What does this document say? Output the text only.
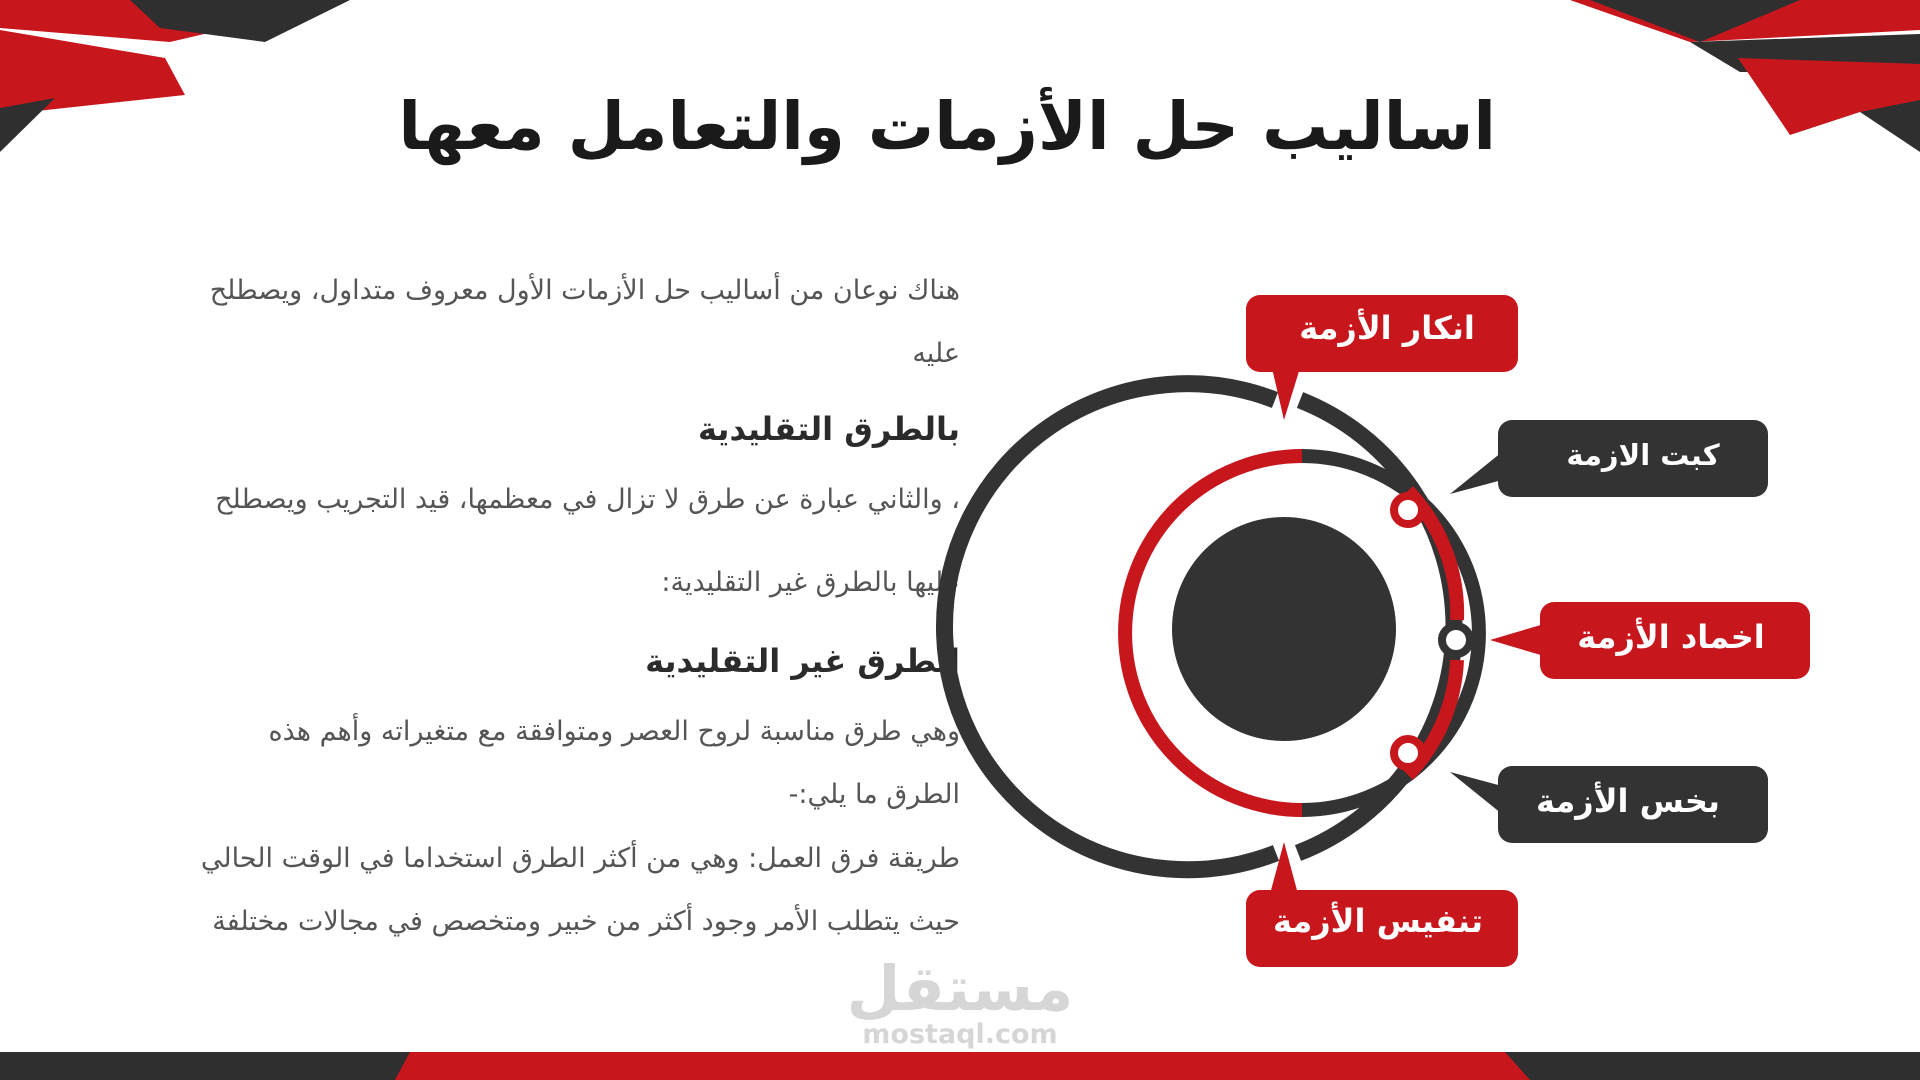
اساليب حل الأزمات والتعامل معها
هناك نوعان من أساليب حل الأزمات الأول معروف متداول، ويصطلح
عليه
بالطرق التقليدية
، والثاني عبارة عن طرق لا تزال في معظمها، قيد التجريب ويصطلح
عليها بالطرق غير التقليدية:
الطرق غير التقليدية
وهي طرق مناسبة لروح العصر ومتوافقة مع متغيراته وأهم هذه
الطرق ما يلي:-
طريقة فرق العمل: وهي من أكثر الطرق استخداما في الوقت الحالي
حيث يتطلب الأمر وجود أكثر من خبير ومتخصص في مجالات مختلفة
مستقل
mostaql.com
انكار الأزمة
كبت الازمة
اخماد الأزمة
بخس الأزمة
تنفيس الأزمة
